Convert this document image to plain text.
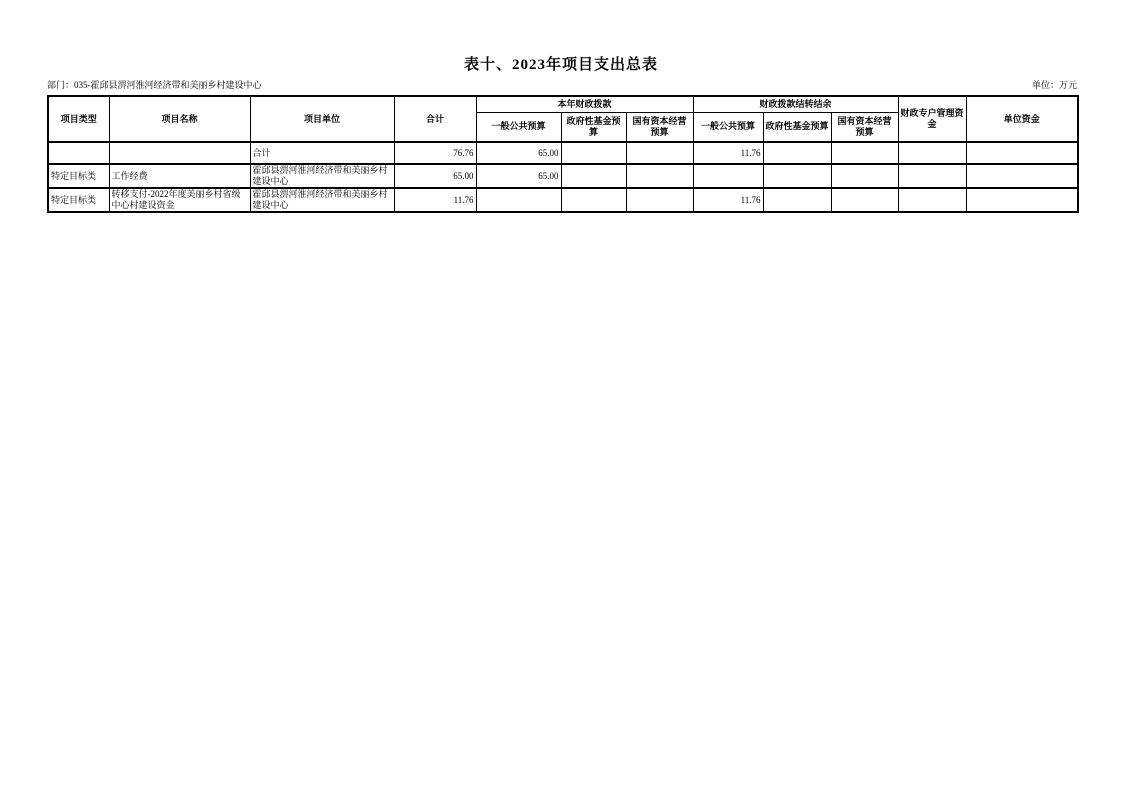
表十、2023年项目支出总表
部门：035-霍邱县淠河淮河经济带和美丽乡村建设中心	单位：万元
项目类型	项目名称	项目单位	合计	本年财政拨款			财政拨款结转结余			财政专户管理资金	单位资金
				一般公共预算	政府性基金预算	国有资本经营预算	一般公共预算	政府性基金预算	国有资本经营预算		
		合计	76.76	65.00			11.76				
特定目标类	工作经费	霍邱县淠河淮河经济带和美丽乡村建设中心	65.00	65.00							
特定目标类	转移支付-2022年度美丽乡村省级中心村建设资金	霍邱县淠河淮河经济带和美丽乡村建设中心	11.76				11.76				
